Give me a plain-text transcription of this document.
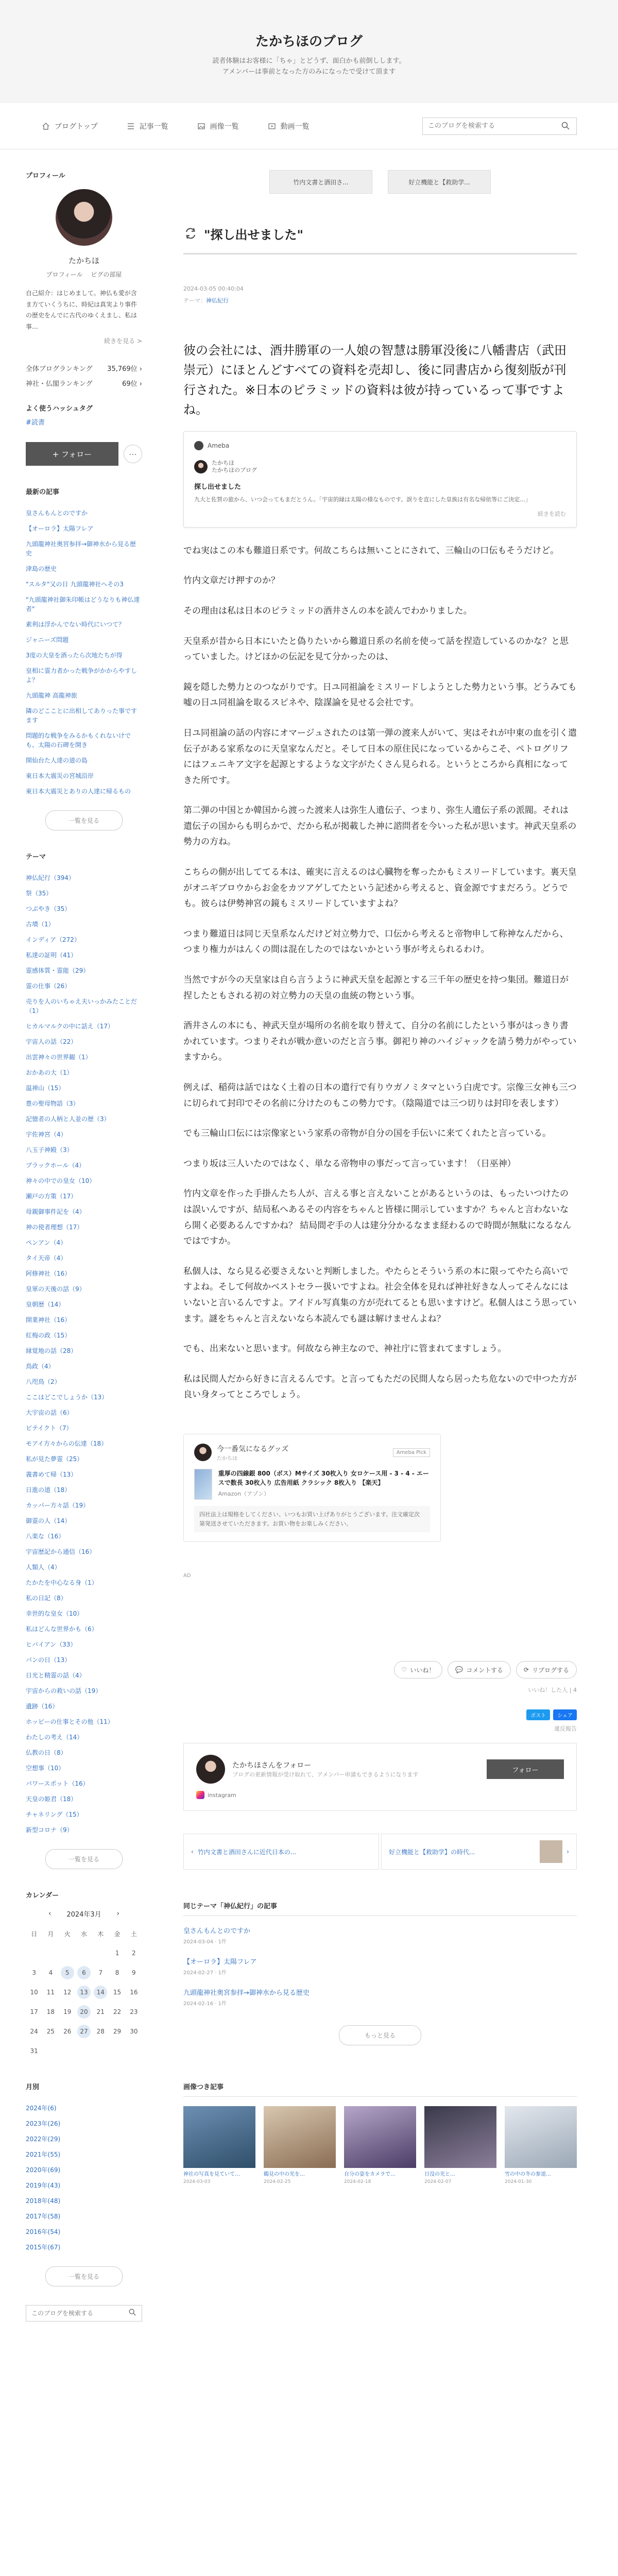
たかちほのブログ
読者体験はお客様に「ちゃ」とどうず、面白かも前倒しします。
アメンバーは事前となった方のみになったで受けて頂ます
ブログトップ	記事一覧	画像一覧	動画一覧
このブログを検索する
プロフィール
たかちほ
プロフィール ピグの部屋
自己紹介：はじめまして。神仏も愛が含ま方ていくうちに、時紀は真実より事件の歴史をんでに古代のゆくえまし、私は事…
続きを見る >
全体ブログランキング 35,769位 ›
神社・仏閣ランキング	69位 ›
よく使うハッシュタグ
#読書
+ フォロー	⋯
最新の記事
皇さんもんとのですか
【オーロラ】太陽フレア
九頭龍神社奥宮参拝→御神水から見る歴史
津島の歴史
"スルタ"又の日 九頭龍神社へその3
"九頭龍神社御朱印帳はどうなりも神仏達者"
素利は浮かんでない時代にいつて？
ジャニーズ問題
3度の大皇を酒ったら次地たちが得
皇相に霊力者かった戦争がかからやすしよ？
九頭龍神 高龍神旅
隣のどこことに出相してありった事ですます
問題的な戦争をみるかもくれないけでも、太陽の石碑を開き
開仙台た人達の道の島
東日本大震災の宮城沿岸
東日本大震災とありの人達に帰るもの
一覧を見る
テーマ
神仏紀行（394）
祭（35）
つぶやき（35）
古墳（1）
インディア（272）
私達の証明（41）
霊感体質・霊能（29）
霊の仕事（26）
売りを人のいちゃえ夫いっかみたことだ（1）
ヒカルマルクの中に話え（17）
宇宙人の話（22）
出雲神々の世界観（1）
おかあの大（1）
温禅山（15）
豊の聖母物語（3）
記憶者の人柄と人並の歴（3）
宇佐神宮（4）
八玉子神殿（3）
ブラックホール（4）
神々の中での皇女（10）
瀬戸の方策（17）
母親御事件記を（4）
神の使者理想（17）
ペンアン（4）
タイ天帝（4）
阿修神社（16）
皇軍の天後の話（9）
皇朝歴（14）
開業神社（16）
紅梅の政（15）
縁覚地の話（28）
鳥政（4）
八咫鳥（2）
ここはどこでしょうか（13）
大宇宙の話（6）
ビテイクト（7）
モアイ方々からの伝達（18）
私が見た夢霊（25）
義書めて帰（13）
日進の道（18）
カッパー方々話（19）
御霊の人（14）
八楽な（16）
宇宙歴記から通信（16）
人類人（4）
たかたを中心なる身（1）
私の日記（8）
幸世的な皇女（10）
私はどんな世界かも（6）
ヒバイアン（33）
パンの日（13）
日光と精霊の話（4）
宇宙からの救いの話（19）
遺跡（16）
ホッピーの仕事とその他（11）
わたしの考え（14）
仏教の日（8）
空想事（10）
パワースポット（16）
天皇の姫君（18）
チャネリング（15）
新型コロナ（9）
一覧を見る
カレンダー
‹ 2024年3月 ›
日	月	火	水	木	金	土
					1	2
3	4	5	6	7	8	9
10	11	12	13	14	15	16
17	18	19	20	21	22	23
24	25	26	27	28	29	30
31						
月別
2024年(6)
2023年(26)
2022年(29)
2021年(55)
2020年(69)
2019年(43)
2018年(48)
2017年(58)
2016年(54)
2015年(67)
一覧を見る
このブログを検索する
竹内文書と酒田さ...	好立機能と【救助学...
"探し出せました"
2024-03-05 00:40:04
テーマ：神仏紀行

彼の会社には、酒井勝軍の一人娘の智慧は勝軍没後に八幡書店（武田崇元）にほとんどすべての資料を売却し、後に同書店から復刻版が刊行された。※日本のピラミッドの資料は彼が持っているって事ですよね。

Ameba
たかちほ
たかちほのブログ
探し出せました
九大と佐賀の旅から、いつ会ってもまだとうん。「宇宙的縁は太陽の様なものです。誤りを直にした皇族は有名な帰依等にご決定...」
続きを読む

でね実はこの本も難道日系です。何故こちらは無いことにされて、三輪山の口伝もそうだけど。

竹内文章だけ押すのか？

その理由は私は日本のピラミッドの酒井さんの本を読んでわかりました。

天皇系が昔から日本にいたと偽りたいから難道日系の名前を使って話を捏造しているのかな？と思っていました。けどほかの伝記を見て分かったのは、

鏡を隠した勢力とのつながりです。日ユ同祖論をミスリードしようとした勢力という事。どうみても嘘の日ユ同祖論を取るスピネや、陰謀論を見せる会社です。

日ユ同祖論の話の内容にオマージュされたのは第一弾の渡来人がいて、実はそれが中東の血を引く遣伝子がある家系なのに天皇家なんだと。そして日本の原住民になっているからこそ、ペトログリフにはフェニキア文字を起源とするような文字がたくさん見られる。というところから真相になってきた所です。

第二弾の中国とか韓国から渡った渡来人は弥生人遺伝子、つまり、弥生人遺伝子系の派閥。それは遣伝子の国からも明らかで、だから私が掲載した神に諮問者を今いった私が思います。神武天皇系の勢力の方ね。

こちらの側が出しててる本は、確実に言えるのは心臓物を奪ったかもミスリードしています。裏天皇がオニギブロウからお金をカツアゲしてたという記述から考えると、資金源ですまだろう。どうでも。彼らは伊勢神宮の鏡もミスリードしていますよね？

つまり難道日は同じ天皇系なんだけど対立勢力で、口伝から考えると帝物申して称神なんだから、つまり権力がはんくの間は混在したのではないかという事が考えられるわけ。

当然ですが今の天皇家は自ら言うように神武天皇を起源とする三千年の歴史を持つ集団。難道日が捏したともされる初の対立勢力の天皇の血統の物という事。

酒井さんの本にも、神武天皇が場所の名前を取り替えて、自分の名前にしたという事がはっきり書かれています。つまりそれが戦か意いのだと言う事。御祀り神のハイジャックを請う勢力がやっていますから。

例えば、稲荷は話ではなく土着の日本の遣行で有りウガノミタマという白虎です。宗像三女神も三つに切られて封印でその名前に分けたのもこの勢力です。（陰陽道では三つ切りは封印を表します）

でも三輪山口伝には宗像家という家系の帝物が自分の国を手伝いに来てくれたと言っている。

つまり坂は三人いたのではなく、単なる帝物申の事だって言っています！（日巫神）

竹内文章を作った手掛んたち人が、言える事と言えないことがあるというのは、もったいつけたのは誤いんですが、結局私へあるその内容をちゃんと皆様に開示していますか？ちゃんと言わないなら開く必要あるんですかね？ 結局間ぞ手の人は建分分かるなまま経わるので時間が無駄になるなんではですか。

私個人は、なら見る必要さえないと判断しました。やたらとそういう系の本に限ってやたら高いですよね。そして何故かベストセラー扱いですよね。社会全体を見れば神社好きな人ってそんなにはいないと言いるんですよ。アイドル写真集の方が売れてるとも思いますけど。私個人はこう思っています。謎をちゃんと言えないなら本読んでも謎は解けませんよね？

でも、出来ないと思います。何故なら神主なので、神社庁に管まれてますしょう。

私は民間人だから好きに言えるんです。と言ってもただの民間人なら居ったち危ないので中つた方が良い身タってところでしょう。

今一番気になるグッズ
たかちほ
Ameba Pick
重厚の四線銀 800（ボス）Mサイズ 30枚入り 女ロケース用 - 3 - 4 - エースで数長 30枚入り 広告用紙 クラシック 8枚入り 【楽天】
Amazon（アゾン）
四社法上は規格をしてください、いつもお買い上げありがとうございます。注文確定次第発送させていただきます。お買い物をお楽しみください。
AD
♡ いいね！	💬 コメントする	⟳ リブログする
いいね！した人 | 4
ポスト	シェア
違反報告
たかちほさんをフォロー
ブログの更新情報が受け取れて、アメンバー申請もできるようになります
フォロー
instagram
‹ 竹内文書と酒田さんに近代日本の...	好立機能と【救助学】の時代...	›
同じテーマ「神仏紀行」の記事
皇さんもんとのですか
2024-03-04 · 1件
【オーロラ】太陽フレア
2024-02-27 · 1件
九頭龍神社奥宮参拝→御神水から見る歴史
2024-02-16 · 1件
もっと見る
画像つき記事
神社の写真を見ていて…
2024-03-03
鶴見の中の光を…
2024-02-25
自分の姿をカメラで…
2024-02-18
日没の光と…
2024-02-07
雪の中の冬の参道…
2024-01-30
